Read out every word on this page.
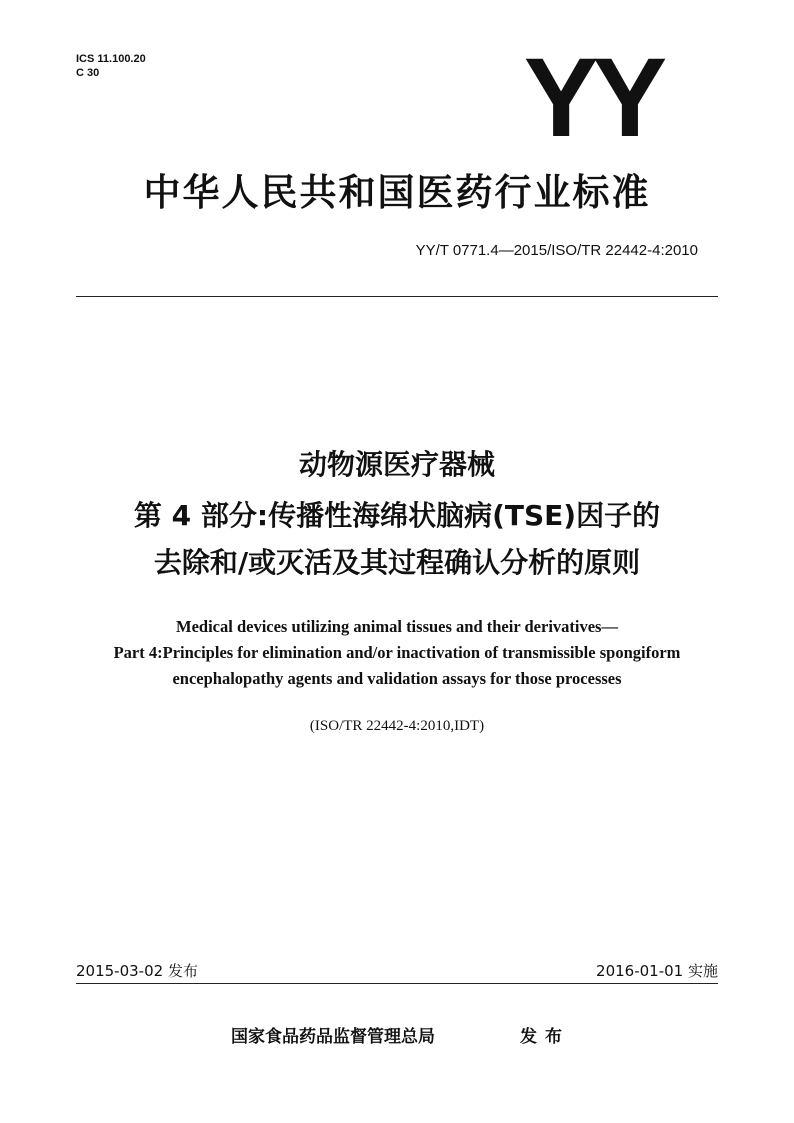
ICS 11.100.20
C 30	YY
中华人民共和国医药行业标准
YY/T 0771.4—2015/ISO/TR 22442-4:2010
动物源医疗器械
第 4 部分:传播性海绵状脑病(TSE)因子的
去除和/或灭活及其过程确认分析的原则
Medical devices utilizing animal tissues and their derivatives—
Part 4:Principles for elimination and/or inactivation of transmissible spongiform
encephalopathy agents and validation assays for those processes
(ISO/TR 22442-4:2010,IDT)
2015-03-02 发布	2016-01-01 实施
国家食品药品监督管理总局	发布
